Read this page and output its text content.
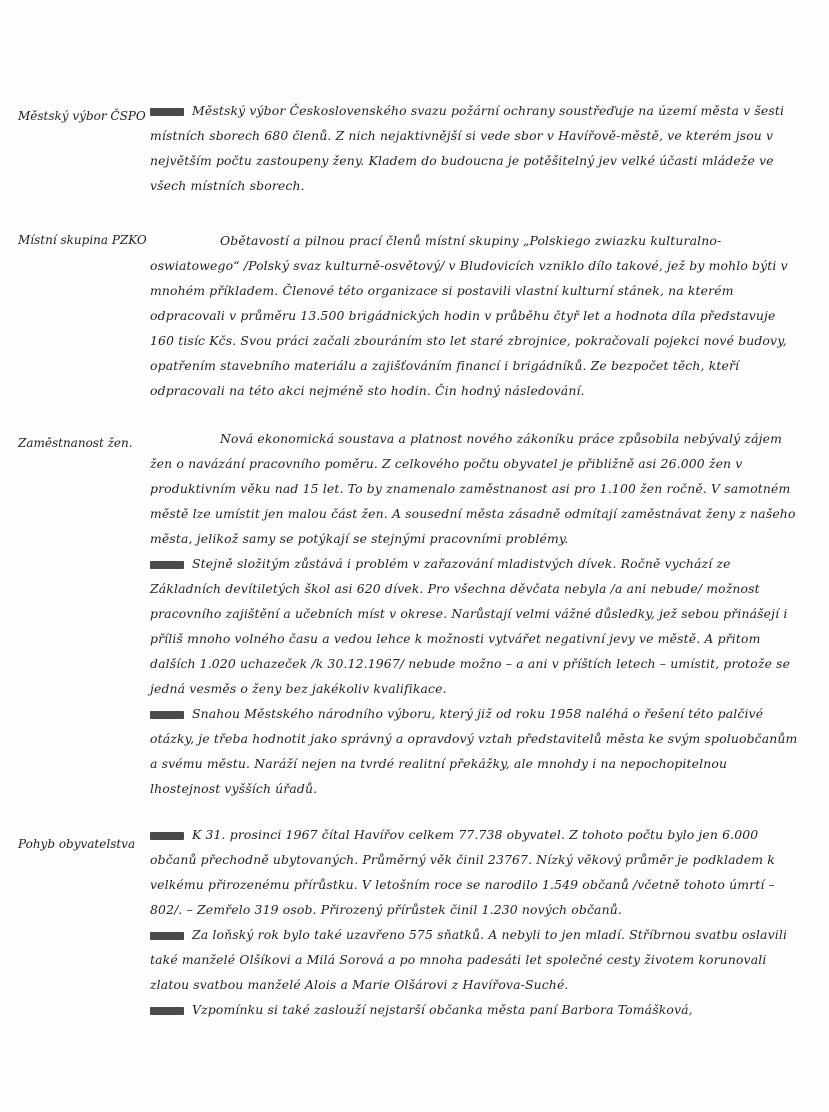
Městský výbor ČSPO	Městský výbor Československého svazu požární ochrany soustřeďuje na území města v šesti místních sborech 680 členů. Z nich nejaktivnější si vede sbor v Havířově-městě, ve kterém jsou v největším počtu zastoupeny ženy. Kladem do budoucna je potěšitelný jev velké účasti mládeže ve všech místních sborech.

Místní skupina PZKO	Obětavostí a pilnou prací členů místní skupiny „Polskiego zwiazku kulturalno-oswiatowego“ /Polský svaz kulturně-osvětový/ v Bludovicích vzniklo dílo takové, jež by mohlo býti v mnohém příkladem. Členové této organizace si postavili vlastní kulturní stánek, na kterém odpracovali v průměru 13.500 brigádnických hodin v průběhu čtyř let a hodnota díla představuje 160 tisíc Kčs. Svou práci začali zbouráním sto let staré zbrojnice, pokračovali pojekci nové budovy, opatřením stavebního materiálu a zajišťováním financí i brigádníků. Ze bezpočet těch, kteří odpracovali na této akci nejméně sto hodin. Čin hodný následování.

Zaměstnanost žen.	Nová ekonomická soustava a platnost nového zákoníku práce způsobila nebývalý zájem žen o navázání pracovního poměru. Z celkového počtu obyvatel je přibližně asi 26.000 žen v produktivním věku nad 15 let. To by znamenalo zaměstnanost asi pro 1.100 žen ročně. V samotném městě lze umístit jen malou část žen. A sousední města zásadně odmítají zaměstnávat ženy z našeho města, jelikož samy se potýkají se stejnými pracovními problémy.

Stejně složitým zůstává i problém v zařazování mladistvých dívek. Ročně vychází ze Základních devítiletých škol asi 620 dívek. Pro všechna děvčata nebyla /a ani nebude/ možnost pracovního zajištění a učebních míst v okrese. Narůstají velmi vážné důsledky, jež sebou přinášejí i příliš mnoho volného času a vedou lehce k možnosti vytvářet negativní jevy ve městě. A přitom dalších 1.020 uchazeček /k 30.12.1967/ nebude možno – a ani v příštích letech – umístit, protože se jedná vesměs o ženy bez jakékoliv kvalifikace.

Snahou Městského národního výboru, který již od roku 1958 naléhá o řešení této palčivé otázky, je třeba hodnotit jako správný a opravdový vztah představitelů města ke svým spoluobčanům a svému městu. Naráží nejen na tvrdé realitní překážky, ale mnohdy i na nepochopitelnou lhostejnost vyšších úřadů.

Pohyb obyvatelstva

K 31. prosinci 1967 čítal Havířov celkem 77.738 obyvatel. Z tohoto počtu bylo jen 6.000 občanů přechodně ubytovaných. Průměrný věk činil 23767. Nízký věkový průměr je podkladem k velkému přirozenému přírůstku. V letošním roce se narodilo 1.549 občanů /včetně tohoto úmrtí – 802/. – Zemřelo 319 osob. Přirozený přírůstek činil 1.230 nových občanů.

Za loňský rok bylo také uzavřeno 575 sňatků. A nebyli to jen mladí. Stříbrnou svatbu oslavili také manželé Olšíkovi a Milá Sorová a po mnoha padesáti let společné cesty životem korunovali zlatou svatbou manželé Alois a Marie Olšárovi z Havířova-Suché.

Vzpomínku si také zaslouží nejstarší občanka města paní Barbora Tomášková,
